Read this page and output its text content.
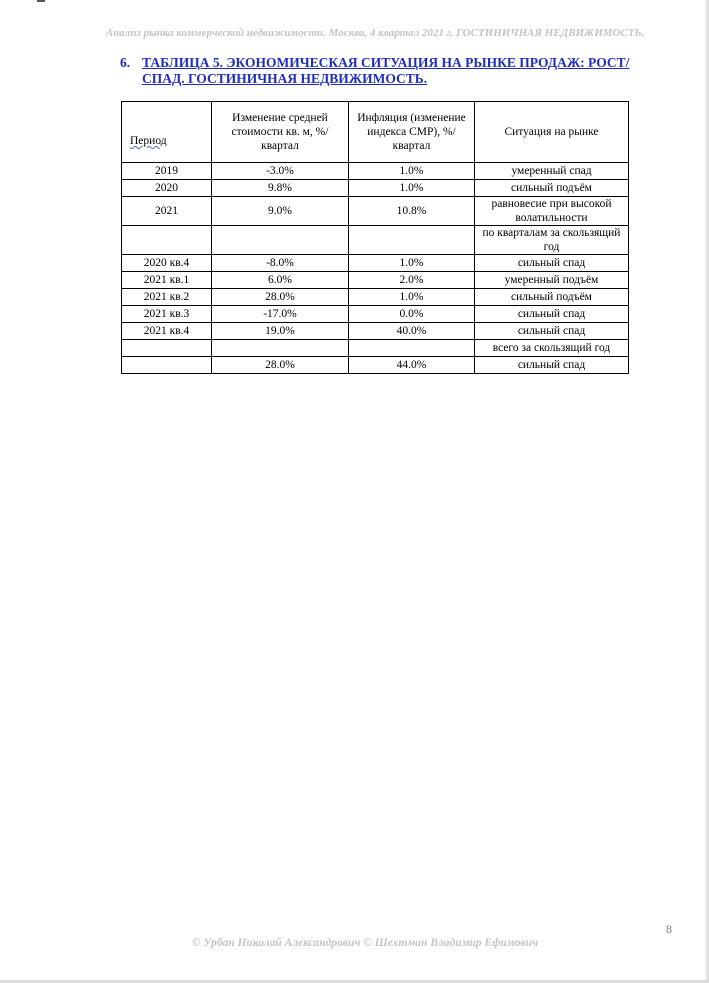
Анализ рынка коммерческой недвижимости. Москва, 4 квартал 2021 г. ГОСТИНИЧНАЯ НЕДВИЖИМОСТЬ.
6. ТАБЛИЦА 5. ЭКОНОМИЧЕСКАЯ СИТУАЦИЯ НА РЫНКЕ ПРОДАЖ: РОСТ/СПАД. ГОСТИНИЧНАЯ НЕДВИЖИМОСТЬ.
Период	Изменение средней стоимости кв. м, %/квартал	Инфляция (изменение индекса СМР), %/квартал	Ситуация на рынке
2019	-3.0%	1.0%	умеренный спад
2020	9.8%	1.0%	сильный подъём
2021	9.0%	10.8%	равновесие при высокой волатильности
			по кварталам за скользящий год
2020 кв.4	-8.0%	1.0%	сильный спад
2021 кв.1	6.0%	2.0%	умеренный подъём
2021 кв.2	28.0%	1.0%	сильный подъём
2021 кв.3	-17.0%	0.0%	сильный спад
2021 кв.4	19.0%	40.0%	сильный спад
			всего за скользящий год
	28.0%	44.0%	сильный спад
8
© Урбан Николай Александрович © Шехтман Владимир Ефимович
